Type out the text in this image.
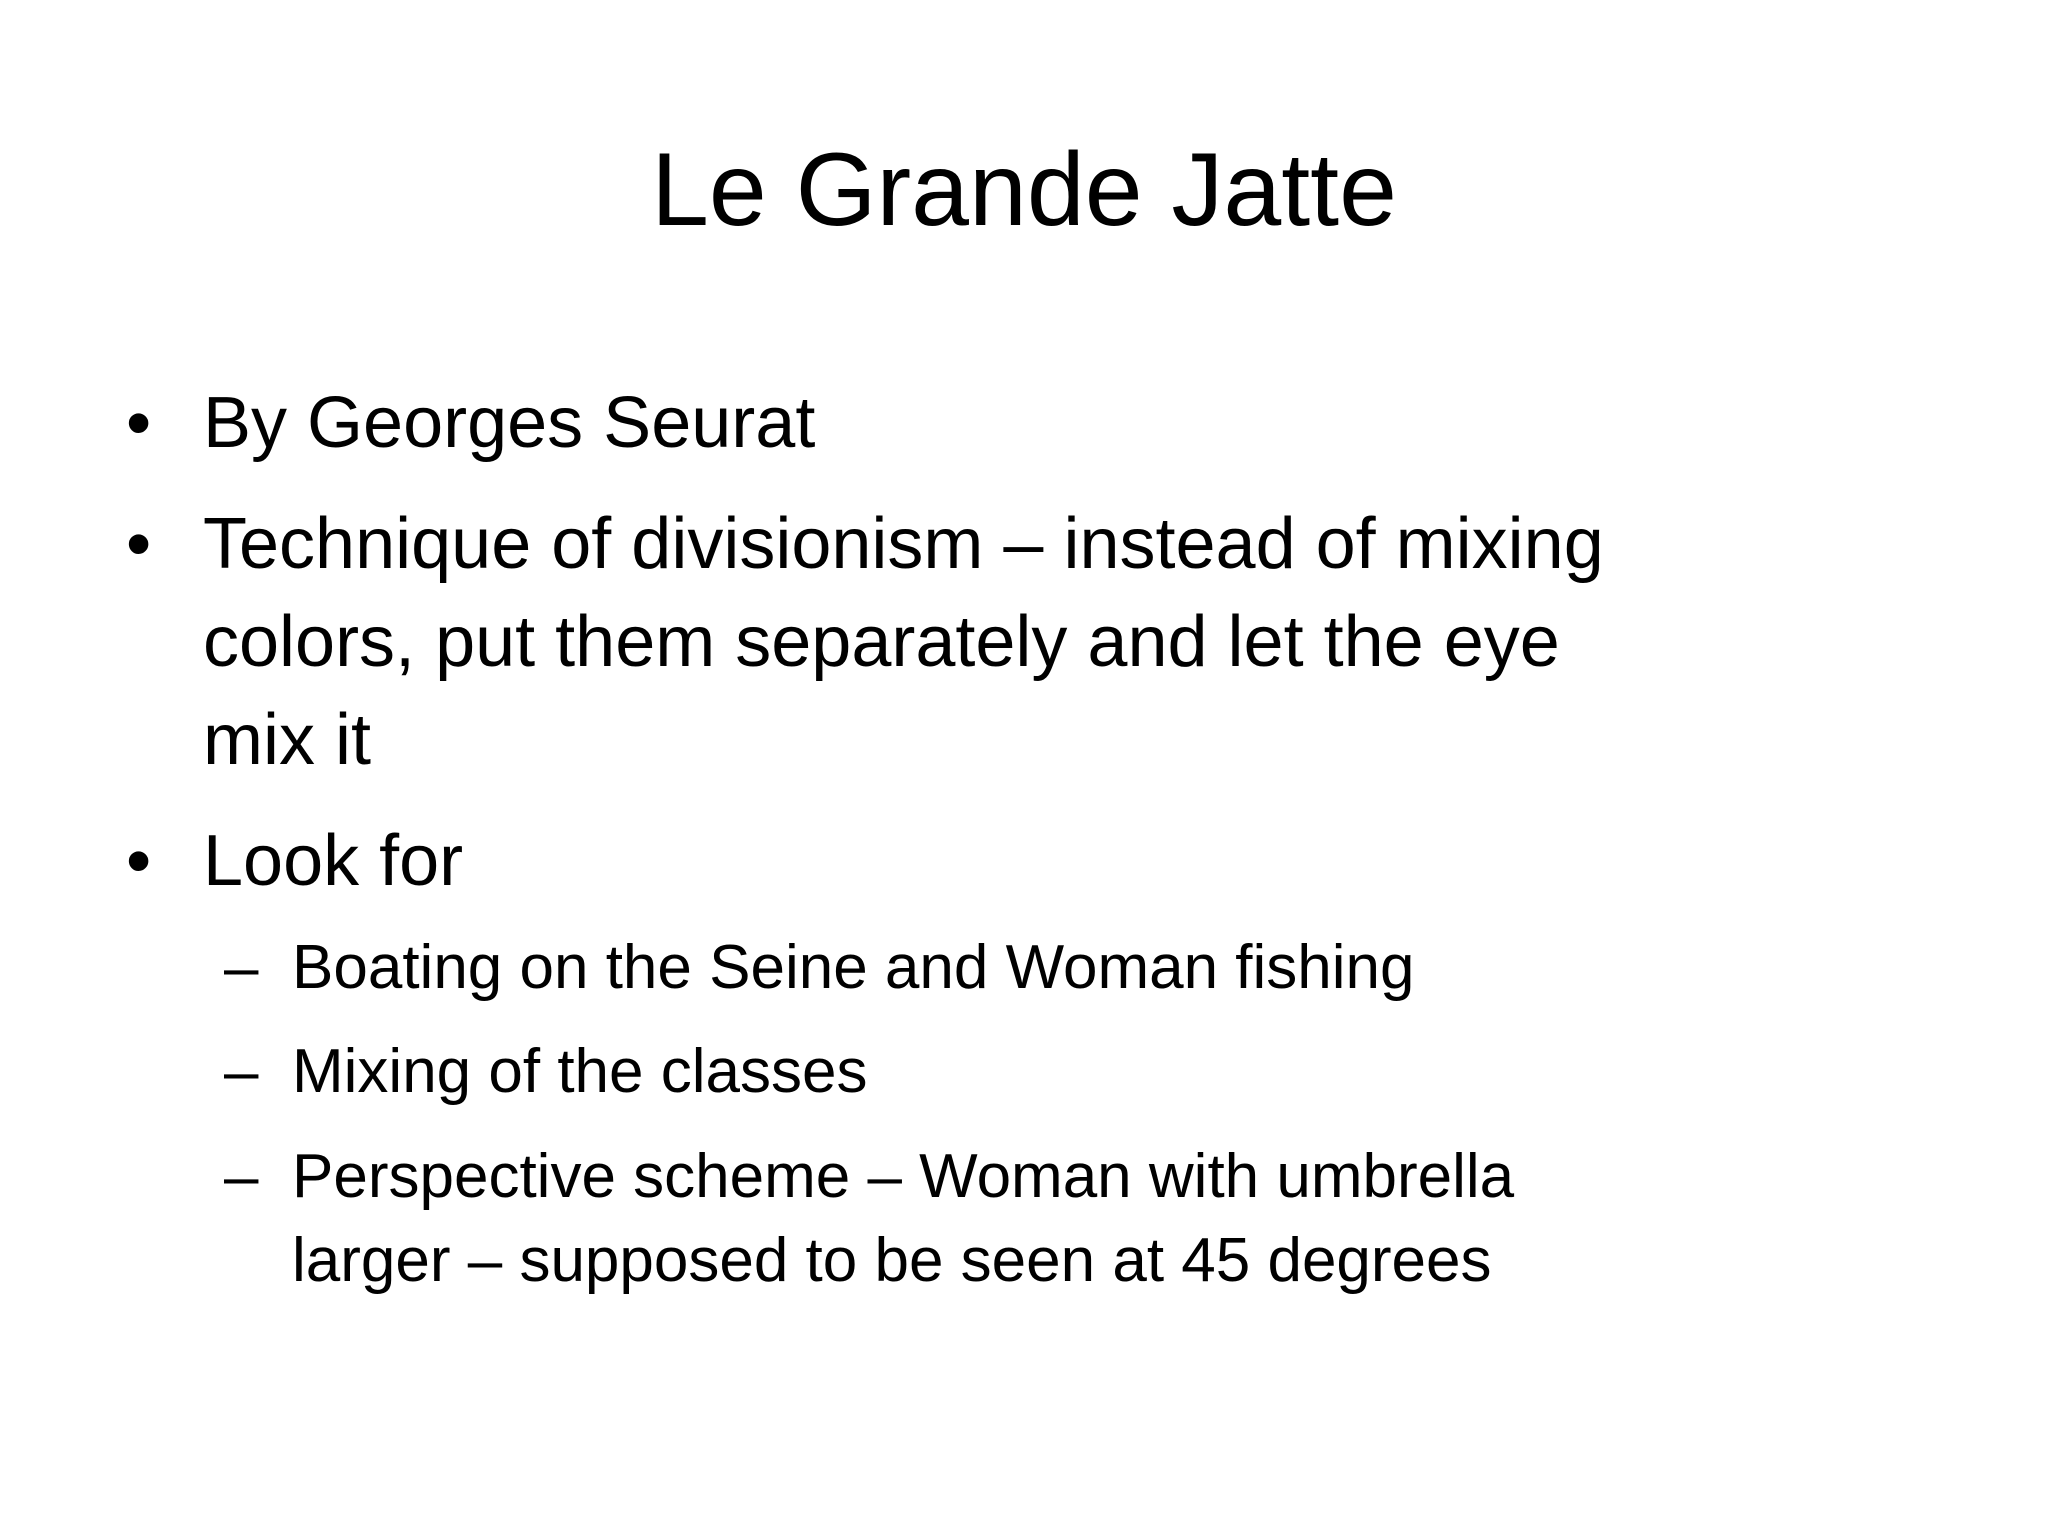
Le Grande Jatte
• By Georges Seurat
• Technique of divisionism – instead of mixing
colors, put them separately and let the eye
mix it
• Look for
– Boating on the Seine and Woman fishing
– Mixing of the classes
– Perspective scheme – Woman with umbrella
larger – supposed to be seen at 45 degrees
